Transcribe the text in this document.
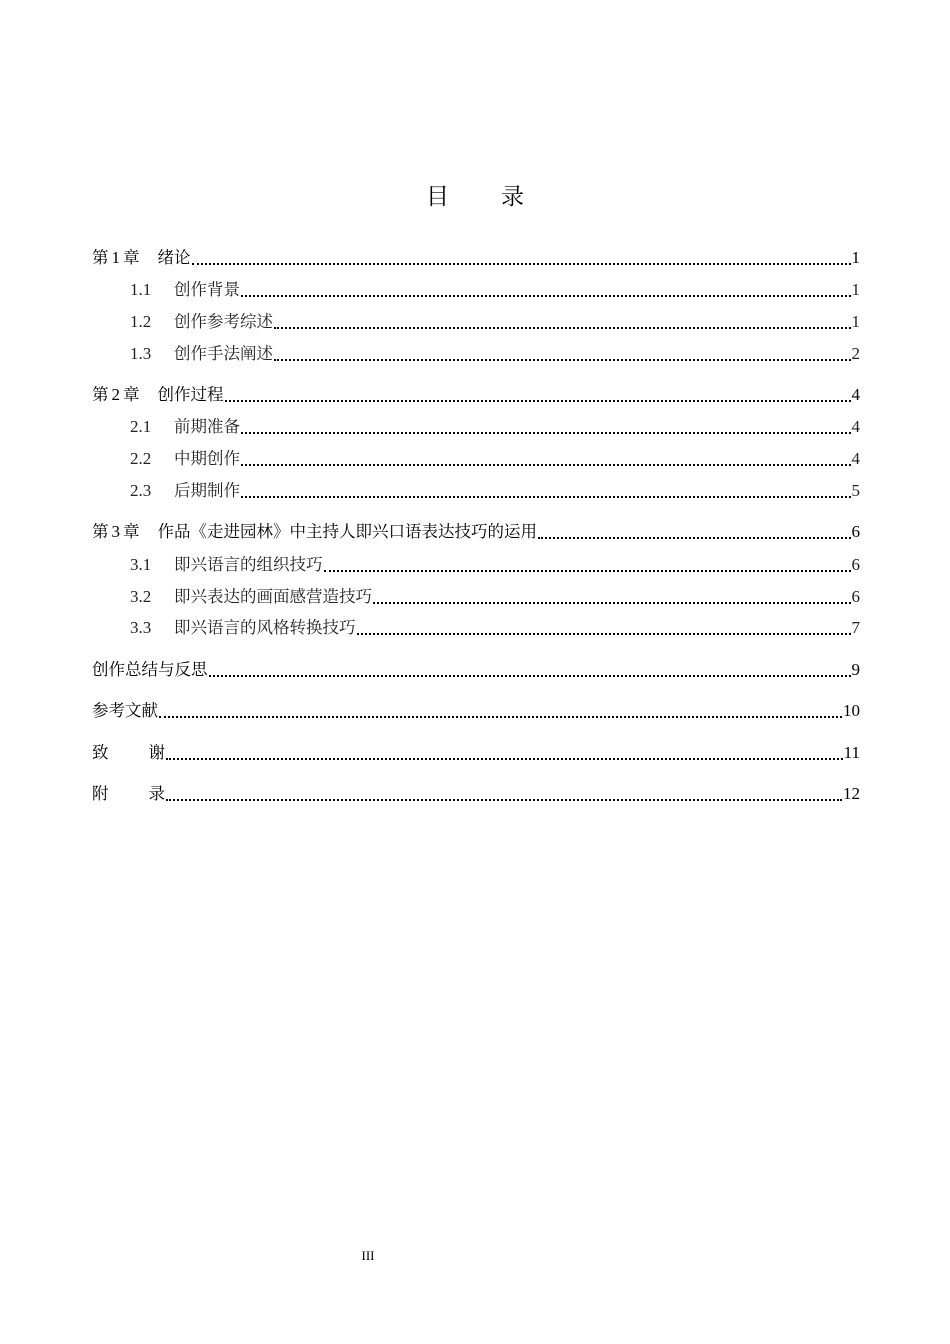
目 录
第 1 章 绪论	1
1.1	创作背景	1
1.2	创作参考综述	1
1.3	创作手法阐述	2
第 2 章 创作过程	4
2.1	前期准备	4
2.2	中期创作	4
2.3	后期制作	5
第 3 章 作品《走进园林》中主持人即兴口语表达技巧的运用	6
3.1	即兴语言的组织技巧	6
3.2	即兴表达的画面感营造技巧	6
3.3	即兴语言的风格转换技巧	7
创作总结与反思	9
参考文献	10
致 谢	11
附 录	12
III
